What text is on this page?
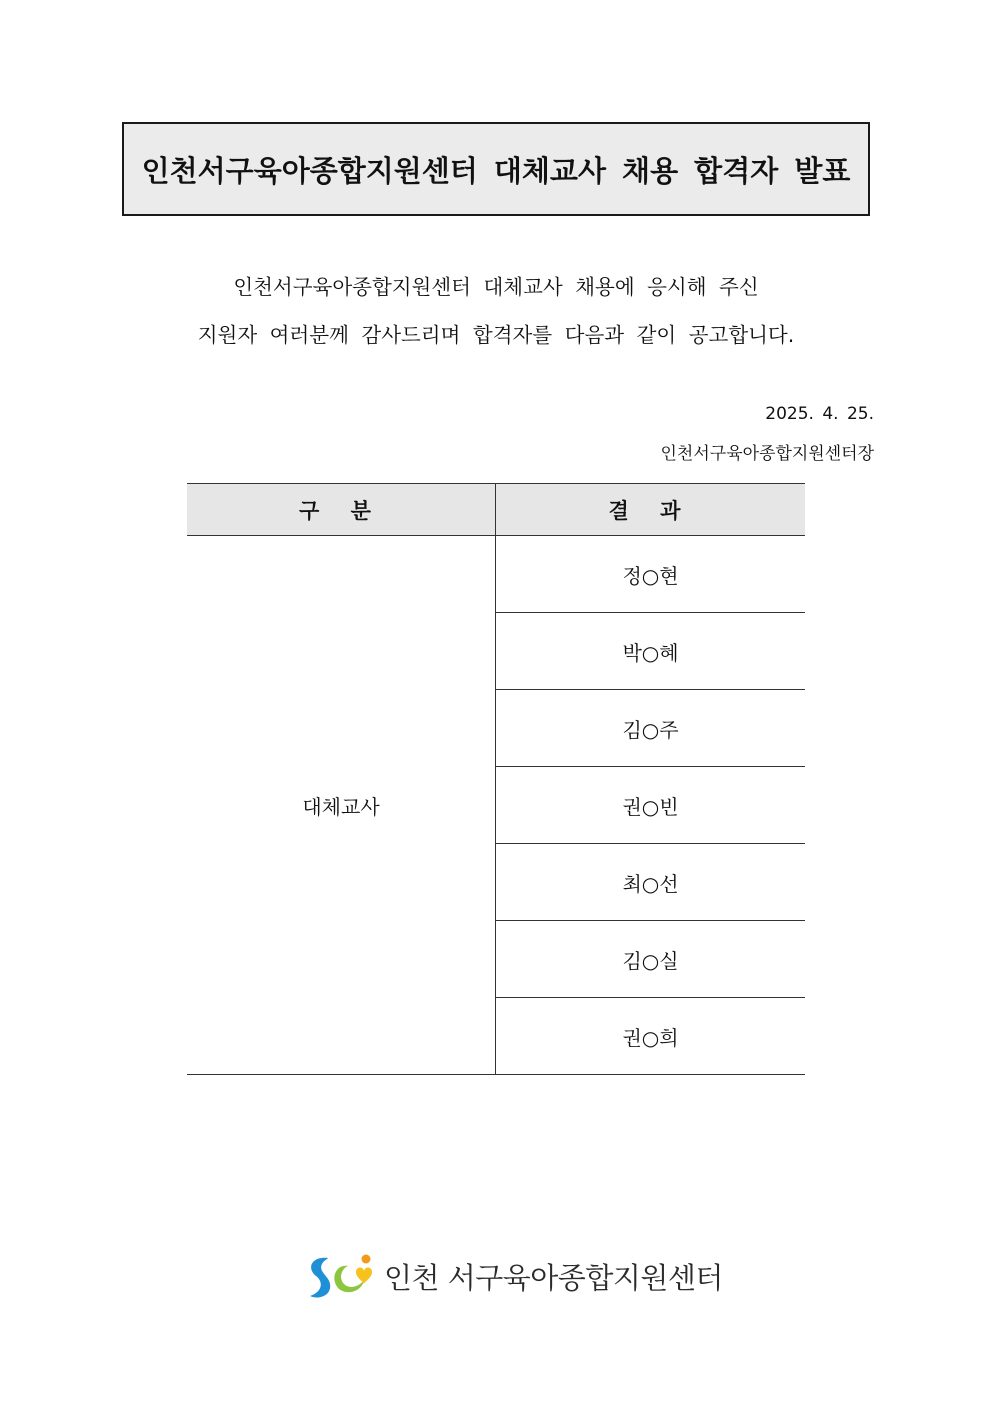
인천서구육아종합지원센터 대체교사 채용 합격자 발표
인천서구육아종합지원센터 대체교사 채용에 응시해 주신
지원자 여러분께 감사드리며 합격자를 다음과 같이 공고합니다.
2025. 4. 25.
인천서구육아종합지원센터장
구 분	결 과
대체교사	정○현
	박○혜
	김○주
	권○빈
	최○선
	김○실
	권○희
인천 서구육아종합지원센터
